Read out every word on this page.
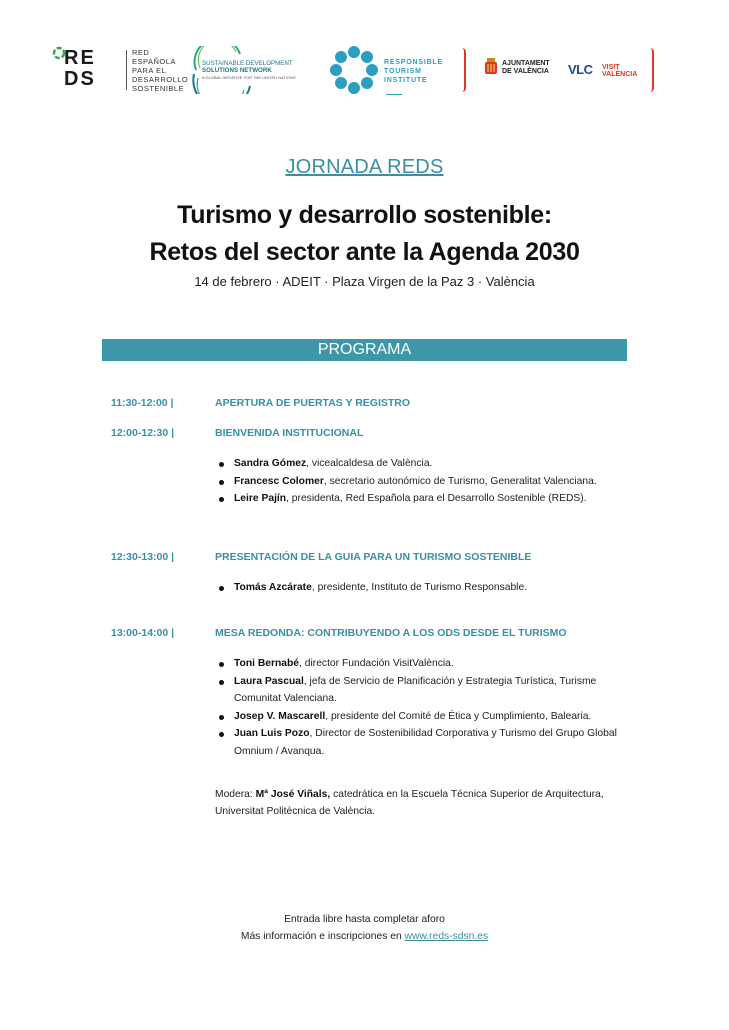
RE
DS
RED
ESPAÑOLA
PARA EL
DESARROLLO
SOSTENIBLE
SUSTAINABLE DEVELOPMENT
SOLUTIONS NETWORK
A GLOBAL INITIATIVE FOR THE UNITED NATIONS
RESPONSIBLE
TOURISM
INSTITUTE
AJUNTAMENT
DE VALÈNCIA VLC VISIT
VALÈNCIA
JORNADA REDS
Turismo y desarrollo sostenible:
Retos del sector ante la Agenda 2030
14 de febrero · ADEIT · Plaza Virgen de la Paz 3 · València
PROGRAMA
11:30-12:00 |	APERTURA DE PUERTAS Y REGISTRO
12:00-12:30 |	BIENVENIDA INSTITUCIONAL
Sandra Gómez, vicealcaldesa de València.
Francesc Colomer, secretario autonómico de Turismo, Generalitat Valenciana.
Leire Pajín, presidenta, Red Española para el Desarrollo Sostenible (REDS).
12:30-13:00 |	PRESENTACIÓN DE LA GUIA PARA UN TURISMO SOSTENIBLE
Tomás Azcárate, presidente, Instituto de Turismo Responsable.
13:00-14:00 |	MESA REDONDA: CONTRIBUYENDO A LOS ODS DESDE EL TURISMO
Toni Bernabé, director Fundación VisitValència.
Laura Pascual, jefa de Servicio de Planificación y Estrategia Turística, Turisme Comunitat Valenciana.
Josep V. Mascarell, presidente del Comité de Ética y Cumplimiento, Balearia.
Juan Luis Pozo, Director de Sostenibilidad Corporativa y Turismo del Grupo Global Omnium / Avanqua.
Modera: Mª José Viñals, catedrática en la Escuela Técnica Superior de Arquitectura, Universitat Politècnica de València.
Entrada libre hasta completar aforo
Más información e inscripciones en www.reds-sdsn.es
